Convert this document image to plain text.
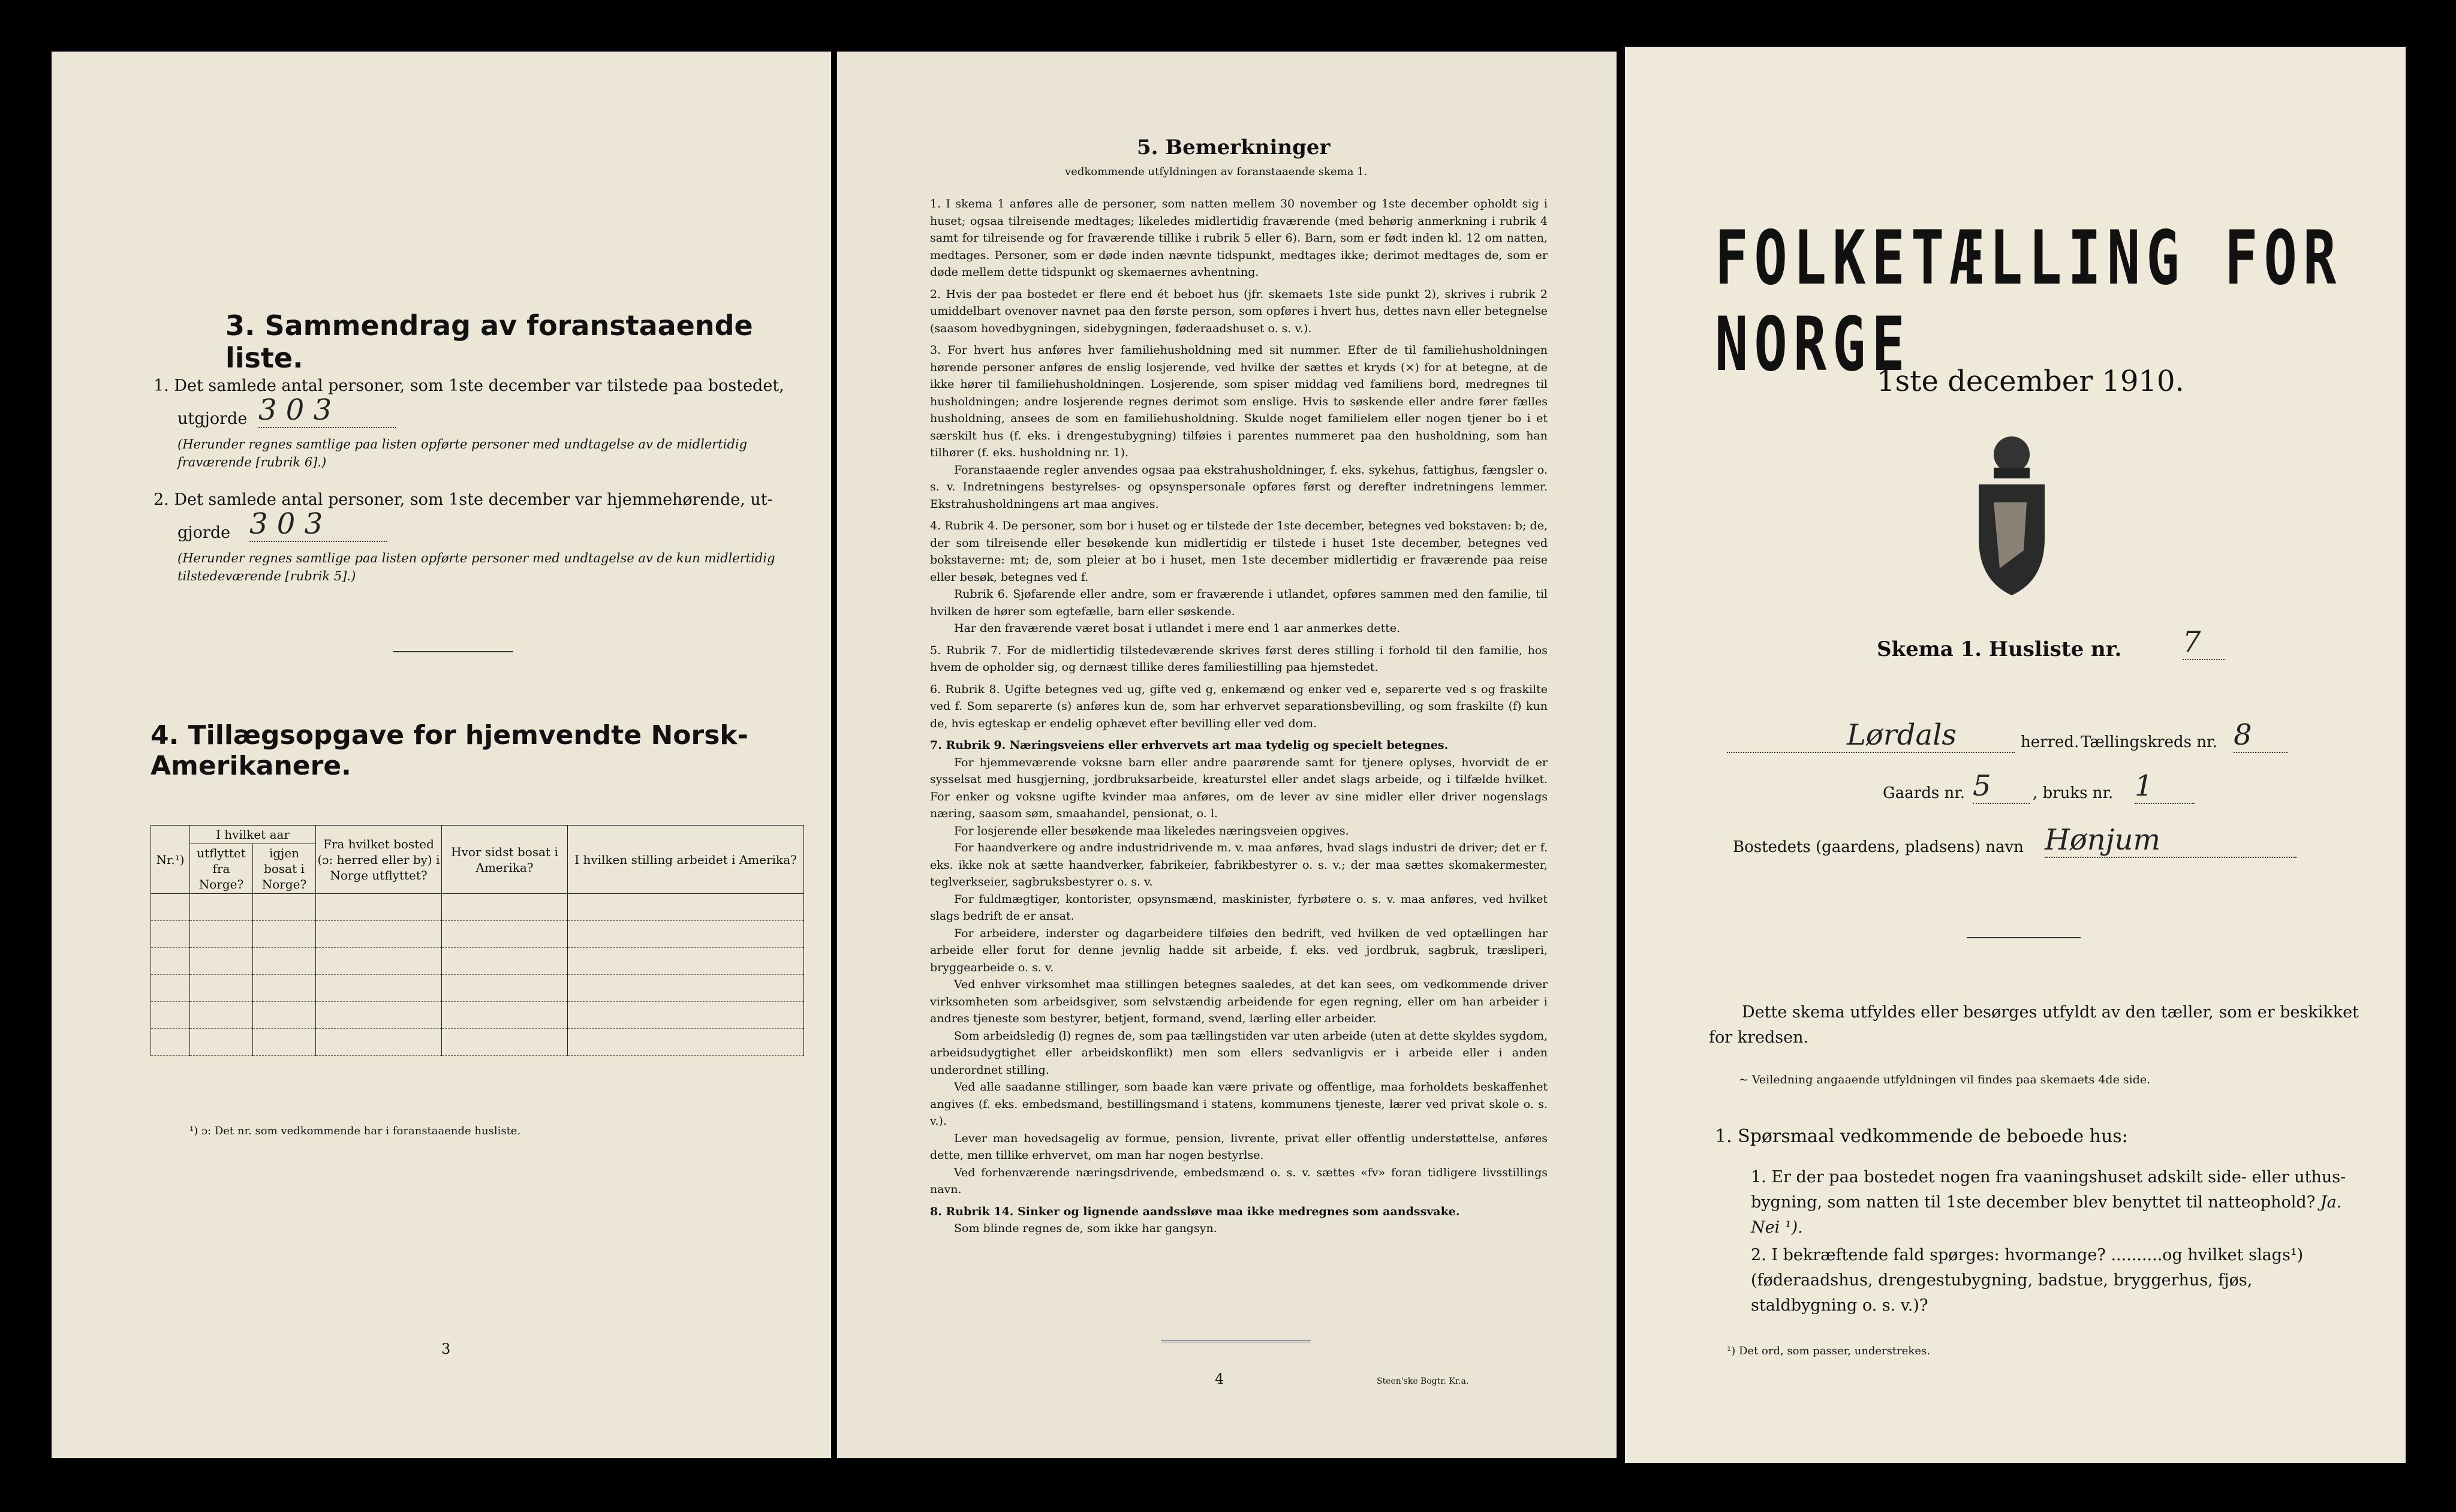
3. Sammendrag av foranstaaende liste.
1. Det samlede antal personer, som 1ste december var tilstede paa bostedet,
utgjorde 3 0 3
(Herunder regnes samtlige paa listen opførte personer med undtagelse av de midlertidig fraværende [rubrik 6].)
2. Det samlede antal personer, som 1ste december var hjemmehørende, ut-
gjorde 3 0 3
(Herunder regnes samtlige paa listen opførte personer med undtagelse av de kun midlertidig tilstedeværende [rubrik 5].)
4. Tillægsopgave for hjemvendte Norsk-Amerikanere.
Nr.¹)	I hvilket aar		Fra hvilket bosted (ɔ: herred eller by) i Norge utflyttet?	Hvor sidst bosat i Amerika?	I hvilken stilling arbeidet i Amerika?
	utflyttet fra Norge?	igjen bosat i Norge?			

¹) ɔ: Det nr. som vedkommende har i foranstaaende husliste.
3
5. Bemerkninger
vedkommende utfyldningen av foranstaaende skema 1.
1. I skema 1 anføres alle de personer, som natten mellem 30 november og 1ste december opholdt sig i huset; ogsaa tilreisende medtages; likeledes midlertidig fraværende (med behørig anmerkning i rubrik 4 samt for tilreisende og for fraværende tillike i rubrik 5 eller 6). Barn, som er født inden kl. 12 om natten, medtages. Personer, som er døde inden nævnte tidspunkt, medtages ikke; derimot medtages de, som er døde mellem dette tidspunkt og skemaernes avhentning.
2. Hvis der paa bostedet er flere end ét beboet hus (jfr. skemaets 1ste side punkt 2), skrives i rubrik 2 umiddelbart ovenover navnet paa den første person, som opføres i hvert hus, dettes navn eller betegnelse (saasom hovedbygningen, sidebygningen, føderaadshuset o. s. v.).
3. For hvert hus anføres hver familiehusholdning med sit nummer. Efter de til familiehusholdningen hørende personer anføres de enslig losjerende, ved hvilke der sættes et kryds (×) for at betegne, at de ikke hører til familiehusholdningen. Losjerende, som spiser middag ved familiens bord, medregnes til husholdningen; andre losjerende regnes derimot som enslige. Hvis to søskende eller andre fører fælles husholdning, ansees de som en familiehusholdning. Skulde noget familielem eller nogen tjener bo i et særskilt hus (f. eks. i drengestubygning) tilføies i parentes nummeret paa den husholdning, som han tilhører (f. eks. husholdning nr. 1).
Foranstaaende regler anvendes ogsaa paa ekstrahusholdninger, f. eks. sykehus, fattighus, fængsler o. s. v. Indretningens bestyrelses- og opsynspersonale opføres først og derefter indretningens lemmer. Ekstrahusholdningens art maa angives.
4. Rubrik 4. De personer, som bor i huset og er tilstede der 1ste december, betegnes ved bokstaven: b; de, der som tilreisende eller besøkende kun midlertidig er tilstede i huset 1ste december, betegnes ved bokstaverne: mt; de, som pleier at bo i huset, men 1ste december midlertidig er fraværende paa reise eller besøk, betegnes ved f.
Rubrik 6. Sjøfarende eller andre, som er fraværende i utlandet, opføres sammen med den familie, til hvilken de hører som egtefælle, barn eller søskende.
Har den fraværende været bosat i utlandet i mere end 1 aar anmerkes dette.
5. Rubrik 7. For de midlertidig tilstedeværende skrives først deres stilling i forhold til den familie, hos hvem de opholder sig, og dernæst tillike deres familiestilling paa hjemstedet.
6. Rubrik 8. Ugifte betegnes ved ug, gifte ved g, enkemænd og enker ved e, separerte ved s og fraskilte ved f. Som separerte (s) anføres kun de, som har erhvervet separationsbevilling, og som fraskilte (f) kun de, hvis egteskap er endelig ophævet efter bevilling eller ved dom.
7. Rubrik 9. Næringsveiens eller erhvervets art maa tydelig og specielt betegnes.
For hjemmeværende voksne barn eller andre paarørende samt for tjenere oplyses, hvorvidt de er sysselsat med husgjerning, jordbruksarbeide, kreaturstel eller andet slags arbeide, og i tilfælde hvilket. For enker og voksne ugifte kvinder maa anføres, om de lever av sine midler eller driver nogenslags næring, saasom søm, smaahandel, pensionat, o. l.
For losjerende eller besøkende maa likeledes næringsveien opgives.
For haandverkere og andre industridrivende m. v. maa anføres, hvad slags industri de driver; det er f. eks. ikke nok at sætte haandverker, fabrikeier, fabrikbestyrer o. s. v.; der maa sættes skomakermester, teglverkseier, sagbruksbestyrer o. s. v.
For fuldmægtiger, kontorister, opsynsmænd, maskinister, fyrbøtere o. s. v. maa anføres, ved hvilket slags bedrift de er ansat.
For arbeidere, inderster og dagarbeidere tilføies den bedrift, ved hvilken de ved optællingen har arbeide eller forut for denne jevnlig hadde sit arbeide, f. eks. ved jordbruk, sagbruk, træsliperi, bryggearbeide o. s. v.
Ved enhver virksomhet maa stillingen betegnes saaledes, at det kan sees, om vedkommende driver virksomheten som arbeidsgiver, som selvstændig arbeidende for egen regning, eller om han arbeider i andres tjeneste som bestyrer, betjent, formand, svend, lærling eller arbeider.
Som arbeidsledig (l) regnes de, som paa tællingstiden var uten arbeide (uten at dette skyldes sygdom, arbeidsudygtighet eller arbeidskonflikt) men som ellers sedvanligvis er i arbeide eller i anden underordnet stilling.
Ved alle saadanne stillinger, som baade kan være private og offentlige, maa forholdets beskaffenhet angives (f. eks. embedsmand, bestillingsmand i statens, kommunens tjeneste, lærer ved privat skole o. s. v.).
Lever man hovedsagelig av formue, pension, livrente, privat eller offentlig understøttelse, anføres dette, men tillike erhvervet, om man har nogen bestyrlse.
Ved forhenværende næringsdrivende, embedsmænd o. s. v. sættes «fv» foran tidligere livsstillings navn.
8. Rubrik 14. Sinker og lignende aandssløve maa ikke medregnes som aandssvake.
Som blinde regnes de, som ikke har gangsyn.
4	Steen'ske Bogtr. Kr.a.
FOLKETÆLLING FOR NORGE
1ste december 1910.
Skema 1. Husliste nr. 7
Lørdals	herred. Tællingskreds nr. 8
Gaards nr. 5	, bruks nr. 1
Bostedets (gaardens, pladsens) navn Hønjum
Dette skema utfyldes eller besørges utfyldt av den tæller, som er beskikket for kredsen.
~ Veiledning angaaende utfyldningen vil findes paa skemaets 4de side.
1. Spørsmaal vedkommende de beboede hus:
1. Er der paa bostedet nogen fra vaaningshuset adskilt side- eller uthus-bygning, som natten til 1ste december blev benyttet til natteophold? Ja. Nei ¹).
2. I bekræftende fald spørges: hvormange? ..........og hvilket slags¹) (føderaadshus, drengestubygning, badstue, bryggerhus, fjøs, staldbygning o. s. v.)?
¹) Det ord, som passer, understrekes.
